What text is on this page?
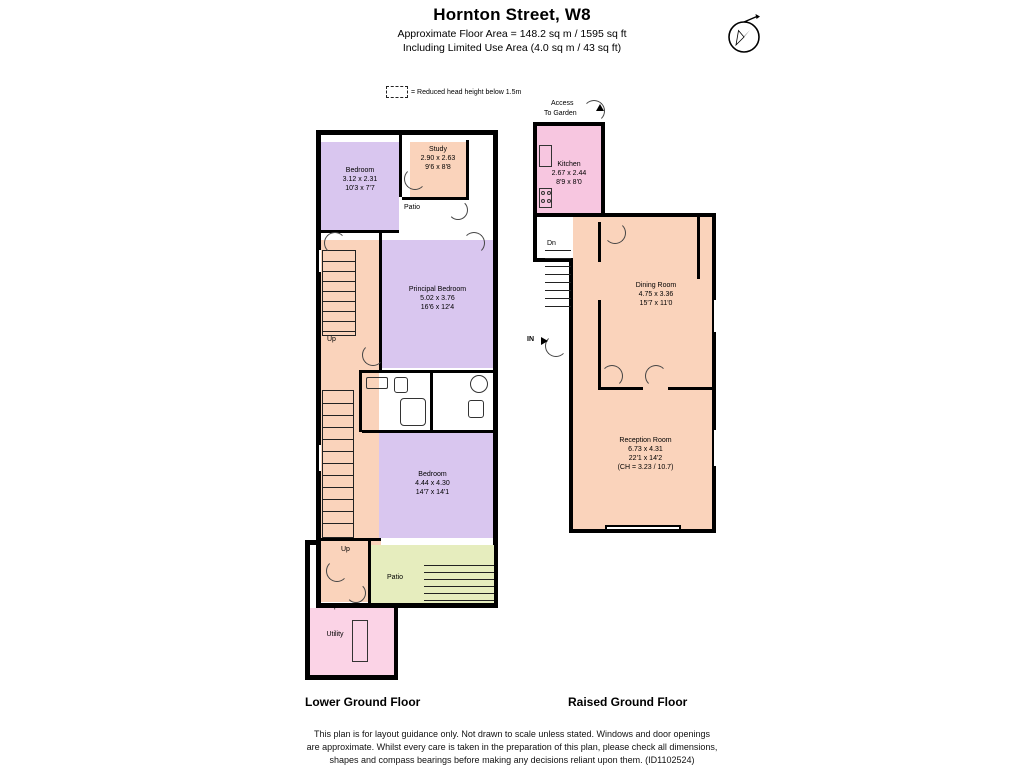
Hornton Street, W8
Approximate Floor Area = 148.2 sq m / 1595 sq ft
Including Limited Use Area (4.0 sq m / 43 sq ft)
= Reduced head height below 1.5m
Bedroom
3.12 x 2.31
10'3 x 7'7
Study
2.90 x 2.63
9'6 x 8'8
Patio
Principal Bedroom
5.02 x 3.76
16'6 x 12'4
Bedroom
4.44 x 4.30
14'7 x 14'1
Patio
Utility
Up
Up
Up
Lower Ground Floor
Kitchen
2.67 x 2.44
8'9 x 8'0
Dining Room
4.75 x 3.36
15'7 x 11'0
Reception Room
6.73 x 4.31
22'1 x 14'2
(CH = 3.23 / 10.7)
Access
To Garden
Dn
IN
Raised Ground Floor
This plan is for layout guidance only. Not drawn to scale unless stated. Windows and door openings
are approximate. Whilst every care is taken in the preparation of this plan, please check all dimensions,
shapes and compass bearings before making any decisions reliant upon them. (ID1102524)
